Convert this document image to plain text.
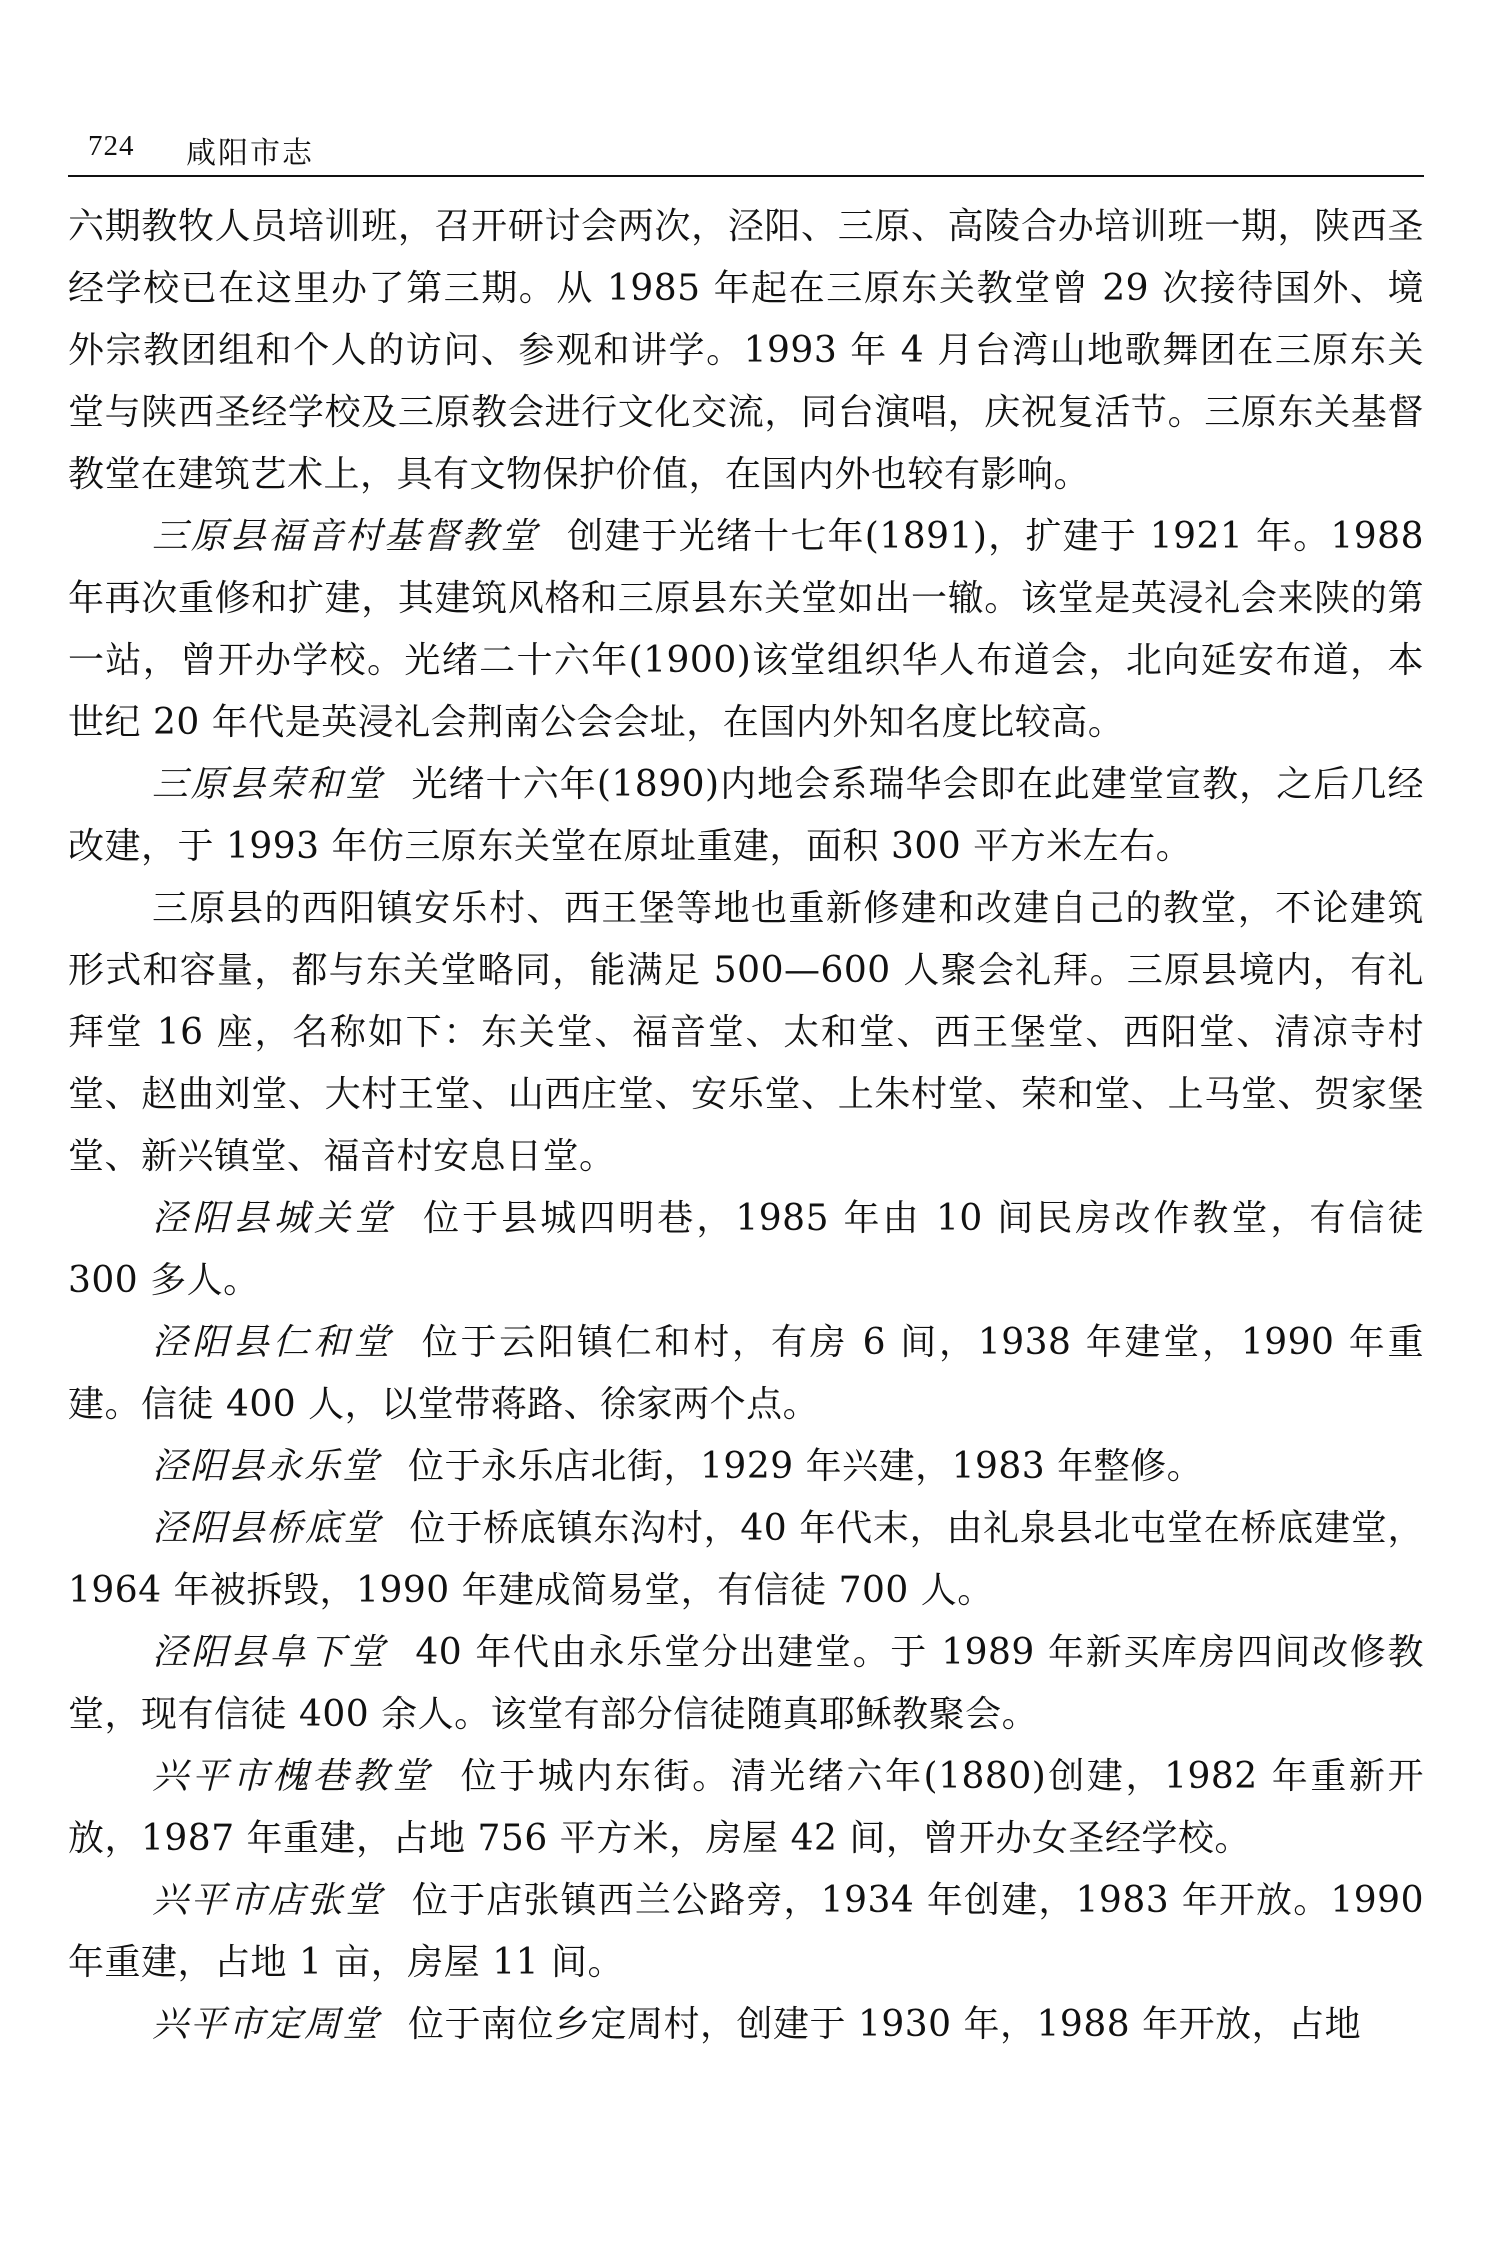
724 咸阳市志

六期教牧人员培训班，召开研讨会两次，泾阳、三原、高陵合办培训班一期，陕西圣经学校已在这里办了第三期。从 1985 年起在三原东关教堂曾 29 次接待国外、境外宗教团组和个人的访问、参观和讲学。1993 年 4 月台湾山地歌舞团在三原东关堂与陕西圣经学校及三原教会进行文化交流，同台演唱，庆祝复活节。三原东关基督教堂在建筑艺术上，具有文物保护价值，在国内外也较有影响。

三原县福音村基督教堂 创建于光绪十七年(1891)，扩建于 1921 年。1988 年再次重修和扩建，其建筑风格和三原县东关堂如出一辙。该堂是英浸礼会来陕的第一站，曾开办学校。光绪二十六年(1900)该堂组织华人布道会，北向延安布道，本世纪 20 年代是英浸礼会荆南公会会址，在国内外知名度比较高。

三原县荣和堂 光绪十六年(1890)内地会系瑞华会即在此建堂宣教，之后几经改建，于 1993 年仿三原东关堂在原址重建，面积 300 平方米左右。

三原县的西阳镇安乐村、西王堡等地也重新修建和改建自己的教堂，不论建筑形式和容量，都与东关堂略同，能满足 500—600 人聚会礼拜。三原县境内，有礼拜堂 16 座，名称如下：东关堂、福音堂、太和堂、西王堡堂、西阳堂、清凉寺村堂、赵曲刘堂、大村王堂、山西庄堂、安乐堂、上朱村堂、荣和堂、上马堂、贺家堡堂、新兴镇堂、福音村安息日堂。

泾阳县城关堂 位于县城四明巷，1985 年由 10 间民房改作教堂，有信徒 300 多人。

泾阳县仁和堂 位于云阳镇仁和村，有房 6 间，1938 年建堂，1990 年重建。信徒 400 人，以堂带蒋路、徐家两个点。

泾阳县永乐堂 位于永乐店北街，1929 年兴建，1983 年整修。

泾阳县桥底堂 位于桥底镇东沟村，40 年代末，由礼泉县北屯堂在桥底建堂，1964 年被拆毁，1990 年建成简易堂，有信徒 700 人。

泾阳县阜下堂 40 年代由永乐堂分出建堂。于 1989 年新买库房四间改修教堂，现有信徒 400 余人。该堂有部分信徒随真耶稣教聚会。

兴平市槐巷教堂 位于城内东街。清光绪六年(1880)创建，1982 年重新开放，1987 年重建，占地 756 平方米，房屋 42 间，曾开办女圣经学校。

兴平市店张堂 位于店张镇西兰公路旁，1934 年创建，1983 年开放。1990 年重建，占地 1 亩，房屋 11 间。

兴平市定周堂 位于南位乡定周村，创建于 1930 年，1988 年开放，占地
